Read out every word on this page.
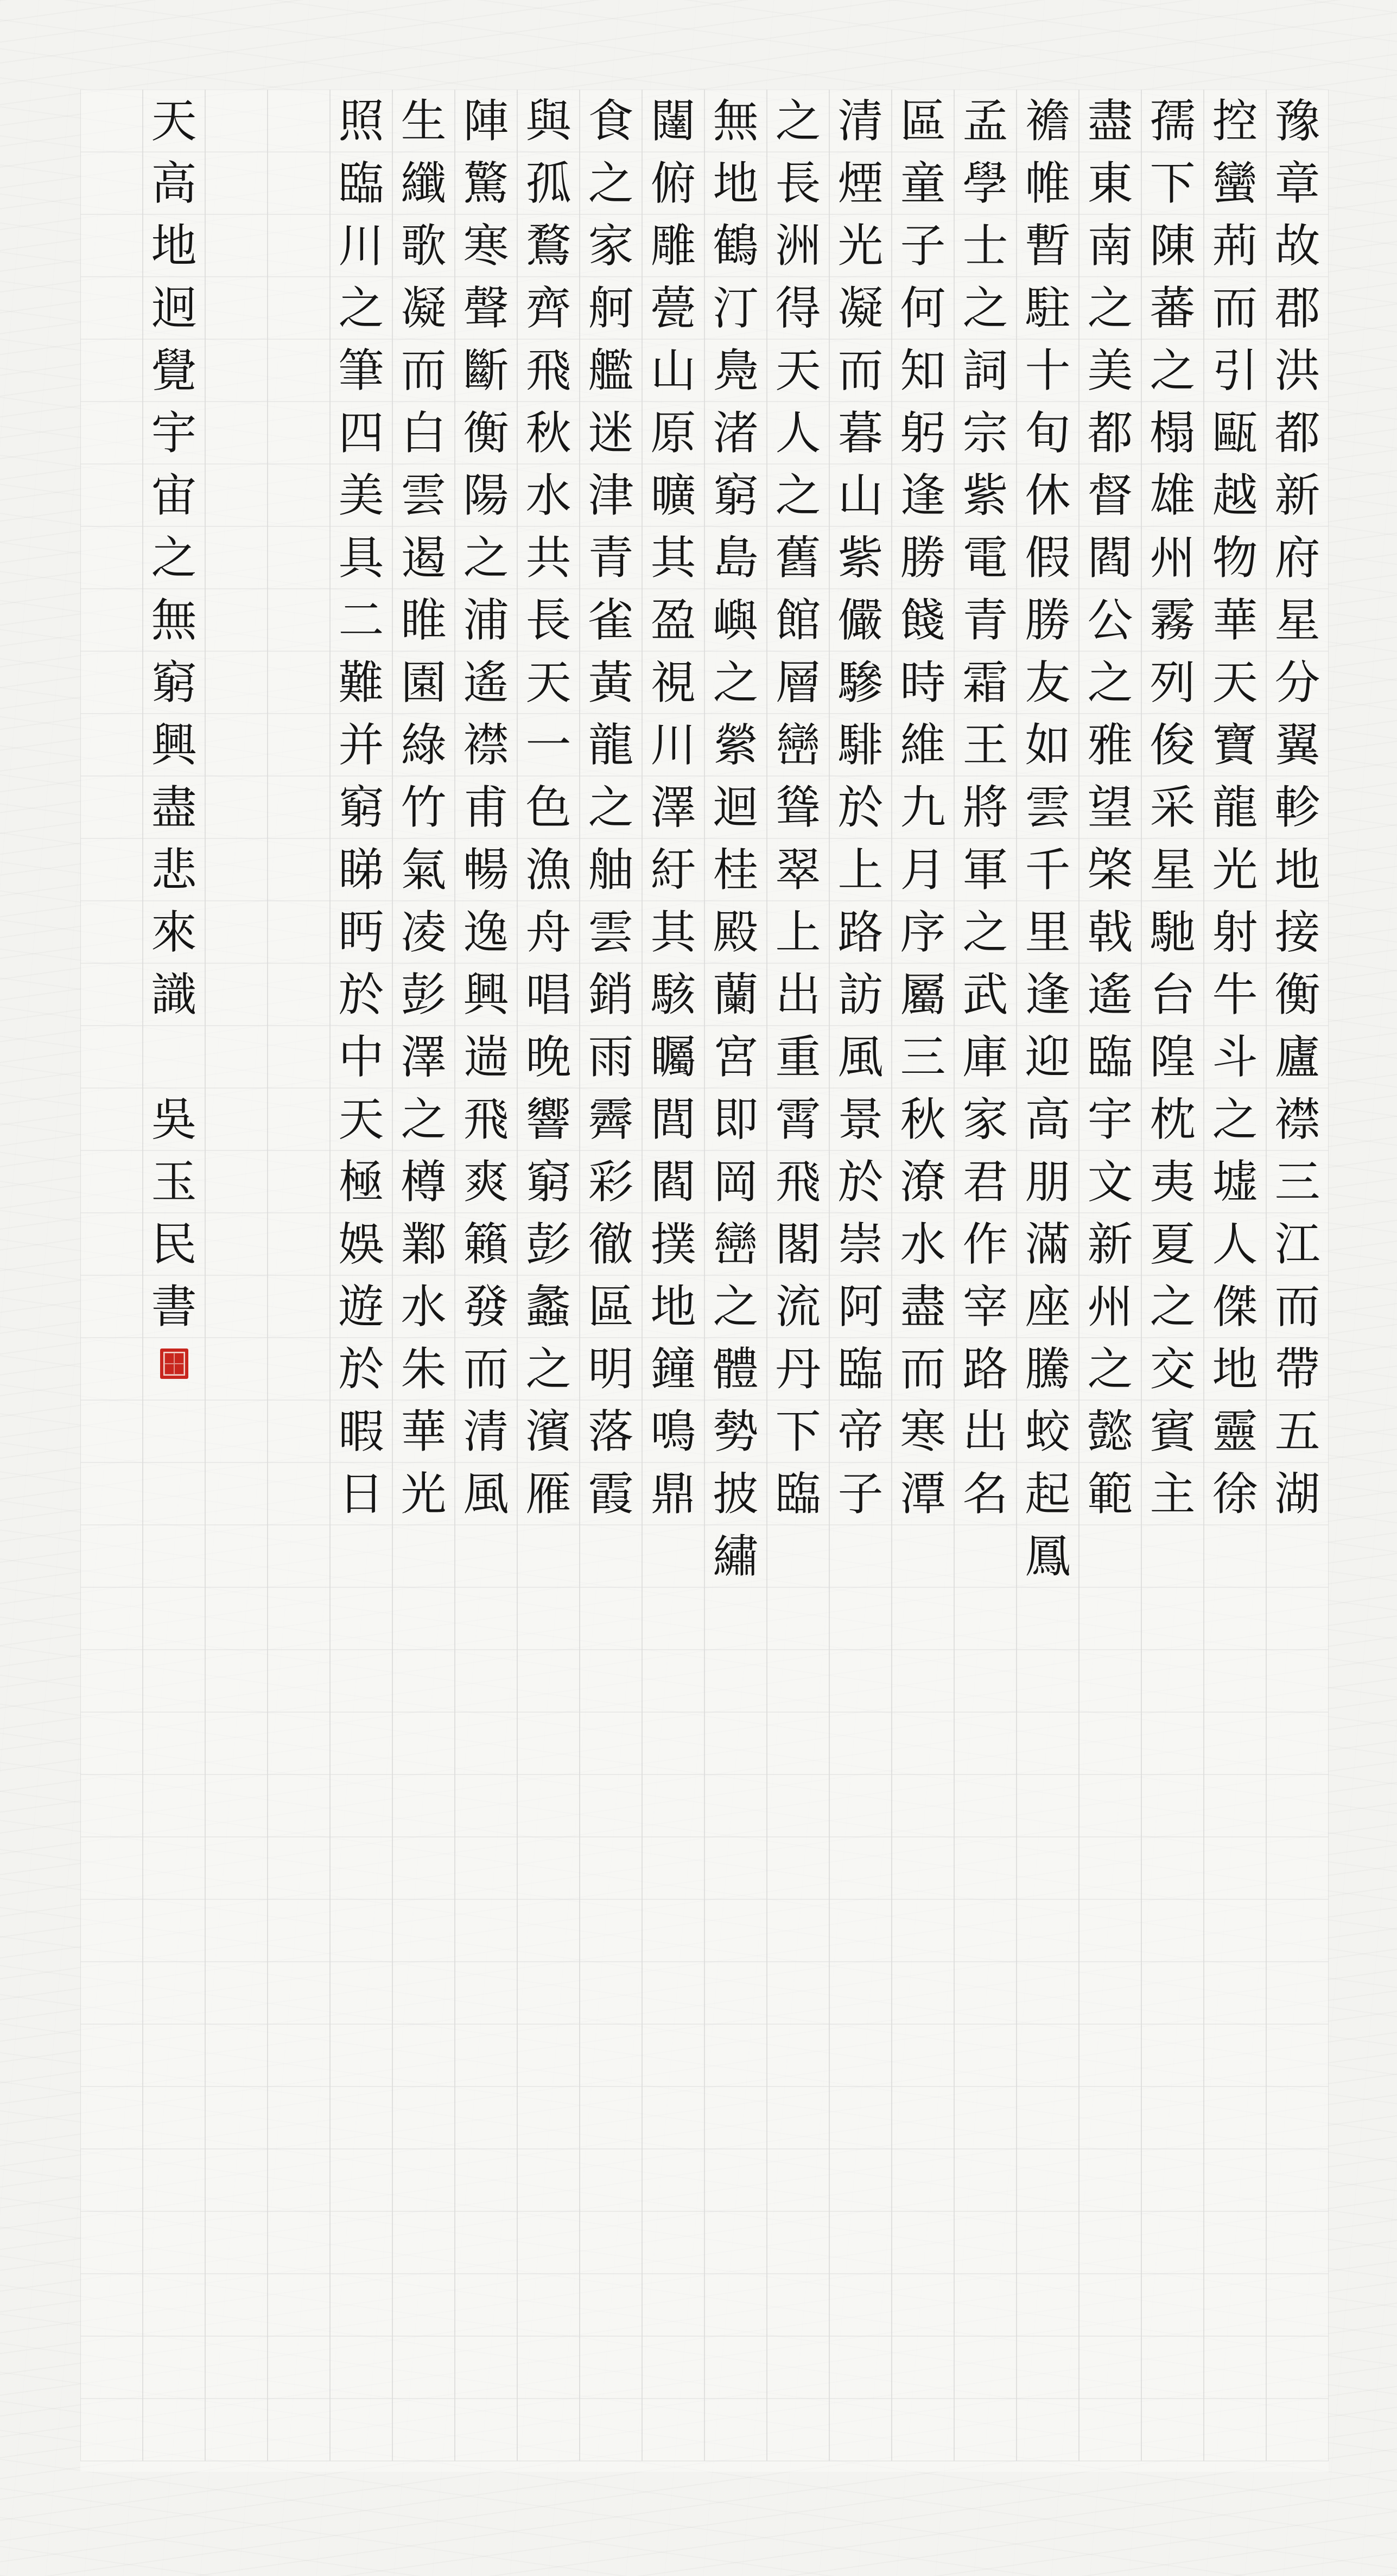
豫
章
故
郡
洪
都
新
府
星
分
翼
軫
地
接
衡
廬
襟
三
江
而
帶
五
湖
控
蠻
荊
而
引
甌
越
物
華
天
寶
龍
光
射
牛
斗
之
墟
人
傑
地
靈
徐
孺
下
陳
蕃
之
榻
雄
州
霧
列
俊
采
星
馳
台
隍
枕
夷
夏
之
交
賓
主
盡
東
南
之
美
都
督
閻
公
之
雅
望
棨
戟
遙
臨
宇
文
新
州
之
懿
範
襜
帷
暫
駐
十
旬
休
假
勝
友
如
雲
千
里
逢
迎
高
朋
滿
座
騰
蛟
起
鳳
孟
學
士
之
詞
宗
紫
電
青
霜
王
將
軍
之
武
庫
家
君
作
宰
路
出
名
區
童
子
何
知
躬
逢
勝
餞
時
維
九
月
序
屬
三
秋
潦
水
盡
而
寒
潭
清
煙
光
凝
而
暮
山
紫
儼
驂
騑
於
上
路
訪
風
景
於
崇
阿
臨
帝
子
之
長
洲
得
天
人
之
舊
館
層
巒
聳
翠
上
出
重
霄
飛
閣
流
丹
下
臨
無
地
鶴
汀
鳧
渚
窮
島
嶼
之
縈
迴
桂
殿
蘭
宮
即
岡
巒
之
體
勢
披
繡
闥
俯
雕
甍
山
原
曠
其
盈
視
川
澤
紆
其
駭
矚
閭
閻
撲
地
鐘
鳴
鼎
食
之
家
舸
艦
迷
津
青
雀
黃
龍
之
舳
雲
銷
雨
霽
彩
徹
區
明
落
霞
與
孤
鶩
齊
飛
秋
水
共
長
天
一
色
漁
舟
唱
晚
響
窮
彭
蠡
之
濱
雁
陣
驚
寒
聲
斷
衡
陽
之
浦
遙
襟
甫
暢
逸
興
遄
飛
爽
籟
發
而
清
風
生
纖
歌
凝
而
白
雲
遏
睢
園
綠
竹
氣
凌
彭
澤
之
樽
鄴
水
朱
華
光
照
臨
川
之
筆
四
美
具
二
難
并
窮
睇
眄
於
中
天
極
娛
遊
於
暇
日
天
高
地
迥
覺
宇
宙
之
無
窮
興
盡
悲
來
識
吳
玉
民
書
